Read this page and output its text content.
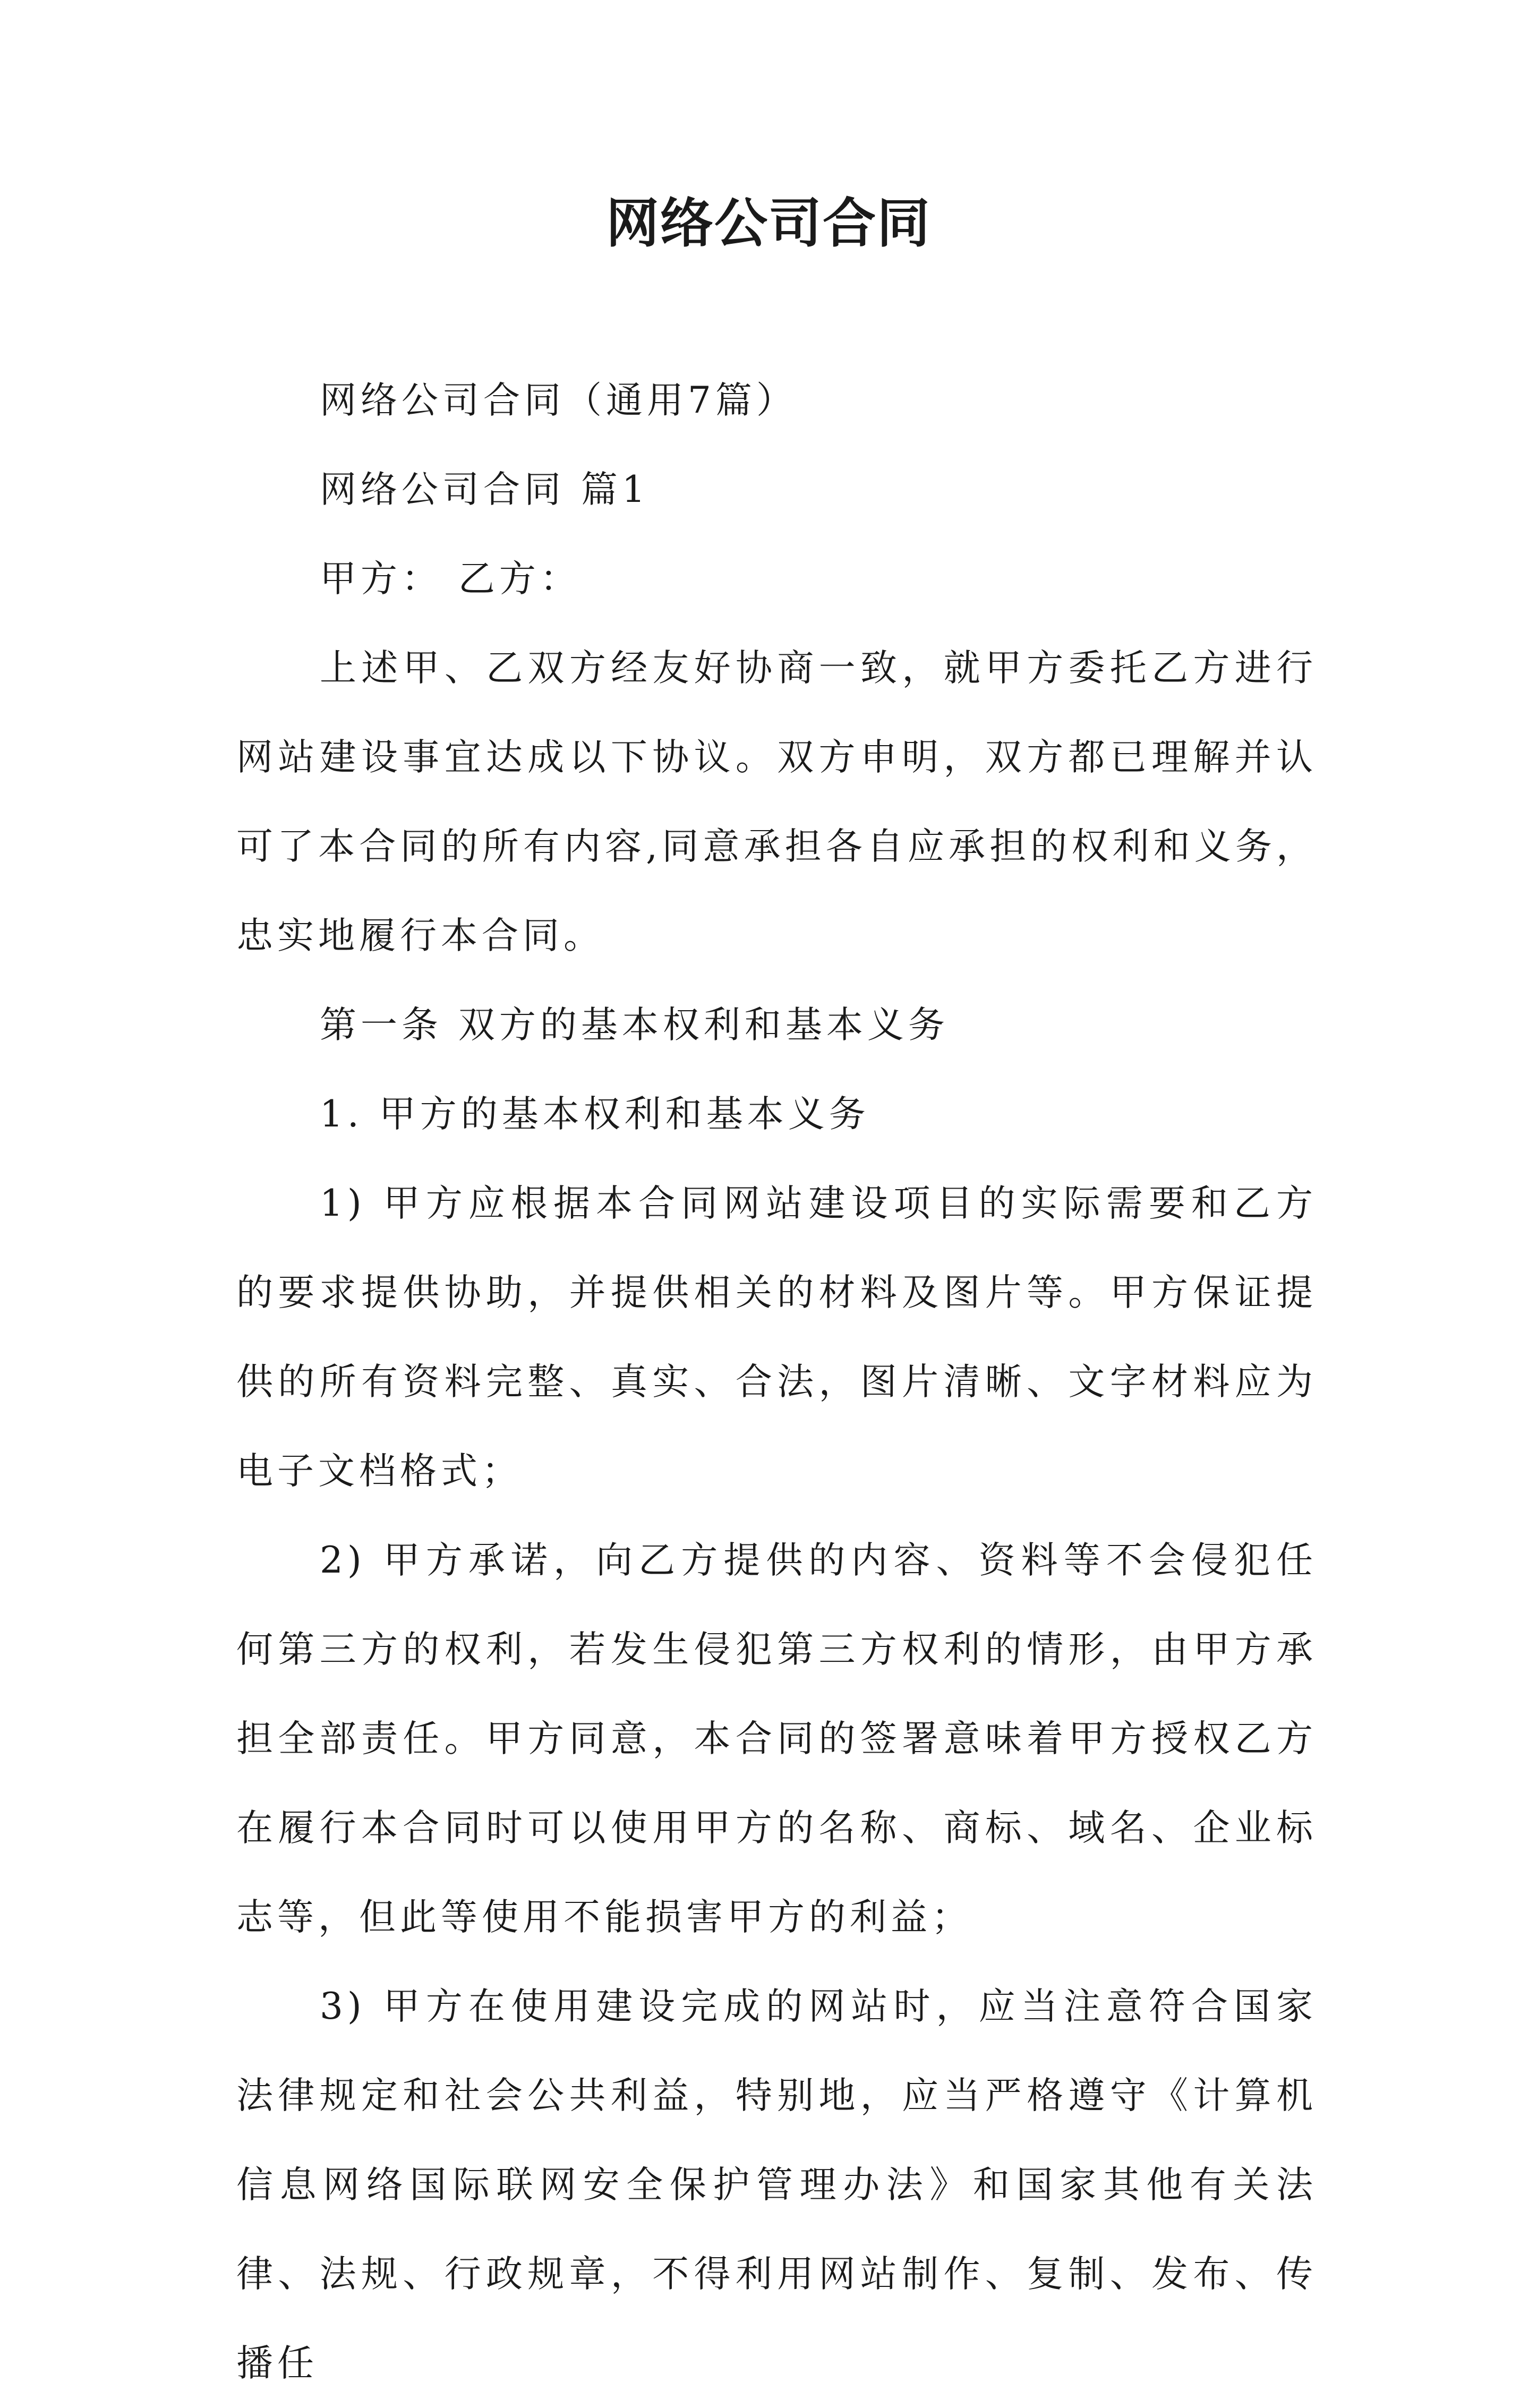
网络公司合同

网络公司合同（通用7篇）

网络公司合同 篇1

甲方： 乙方：

上述甲、乙双方经友好协商一致，就甲方委托乙方进行网站建设事宜达成以下协议。双方申明，双方都已理解并认可了本合同的所有内容,同意承担各自应承担的权利和义务，忠实地履行本合同。

第一条 双方的基本权利和基本义务

1. 甲方的基本权利和基本义务

1) 甲方应根据本合同网站建设项目的实际需要和乙方的要求提供协助，并提供相关的材料及图片等。甲方保证提供的所有资料完整、真实、合法，图片清晰、文字材料应为电子文档格式；

2) 甲方承诺，向乙方提供的内容、资料等不会侵犯任何第三方的权利，若发生侵犯第三方权利的情形，由甲方承担全部责任。甲方同意，本合同的签署意味着甲方授权乙方在履行本合同时可以使用甲方的名称、商标、域名、企业标志等，但此等使用不能损害甲方的利益；

3) 甲方在使用建设完成的网站时，应当注意符合国家法律规定和社会公共利益，特别地，应当严格遵守《计算机信息网络国际联网安全保护管理办法》和国家其他有关法律、法规、行政规章，不得利用网站制作、复制、发布、传播任
